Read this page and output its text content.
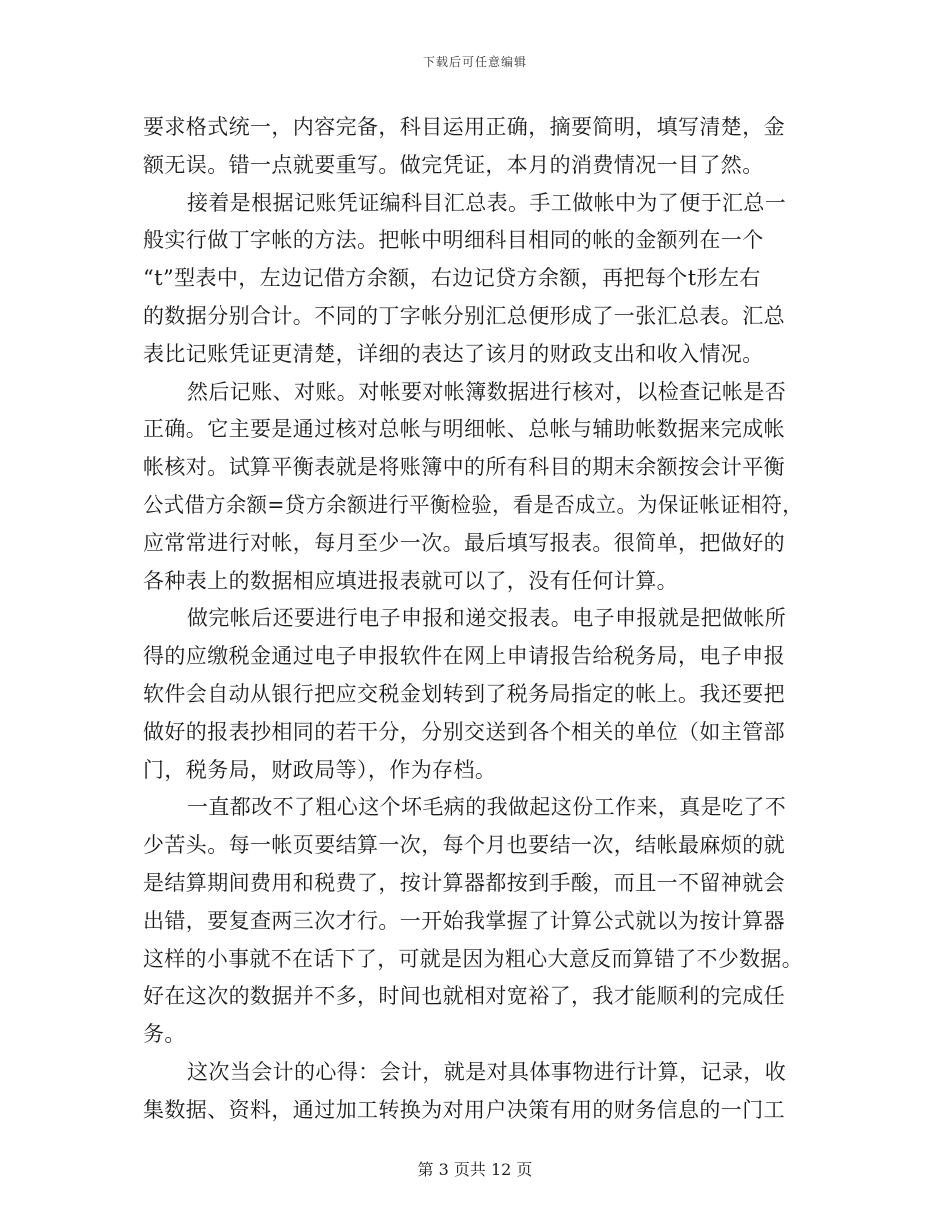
下载后可任意编辑
要求格式统一，内容完备，科目运用正确，摘要简明，填写清楚，金
额无误。错一点就要重写。做完凭证，本月的消费情况一目了然。
接着是根据记账凭证编科目汇总表。手工做帐中为了便于汇总一
般实行做丁字帐的方法。把帐中明细科目相同的帐的金额列在一个
“t”型表中，左边记借方余额，右边记贷方余额，再把每个t形左右
的数据分别合计。不同的丁字帐分别汇总便形成了一张汇总表。汇总
表比记账凭证更清楚，详细的表达了该月的财政支出和收入情况。
然后记账、对账。对帐要对帐簿数据进行核对，以检查记帐是否
正确。它主要是通过核对总帐与明细帐、总帐与辅助帐数据来完成帐
帐核对。试算平衡表就是将账簿中的所有科目的期末余额按会计平衡
公式借方余额=贷方余额进行平衡检验，看是否成立。为保证帐证相符，
应常常进行对帐，每月至少一次。最后填写报表。很简单，把做好的
各种表上的数据相应填进报表就可以了，没有任何计算。
做完帐后还要进行电子申报和递交报表。电子申报就是把做帐所
得的应缴税金通过电子申报软件在网上申请报告给税务局，电子申报
软件会自动从银行把应交税金划转到了税务局指定的帐上。我还要把
做好的报表抄相同的若干分，分别交送到各个相关的单位（如主管部
门，税务局，财政局等），作为存档。
一直都改不了粗心这个坏毛病的我做起这份工作来，真是吃了不
少苦头。每一帐页要结算一次，每个月也要结一次，结帐最麻烦的就
是结算期间费用和税费了，按计算器都按到手酸，而且一不留神就会
出错，要复查两三次才行。一开始我掌握了计算公式就以为按计算器
这样的小事就不在话下了，可就是因为粗心大意反而算错了不少数据。
好在这次的数据并不多，时间也就相对宽裕了，我才能顺利的完成任
务。
这次当会计的心得：会计，就是对具体事物进行计算，记录，收
集数据、资料，通过加工转换为对用户决策有用的财务信息的一门工
第 3 页共 12 页
